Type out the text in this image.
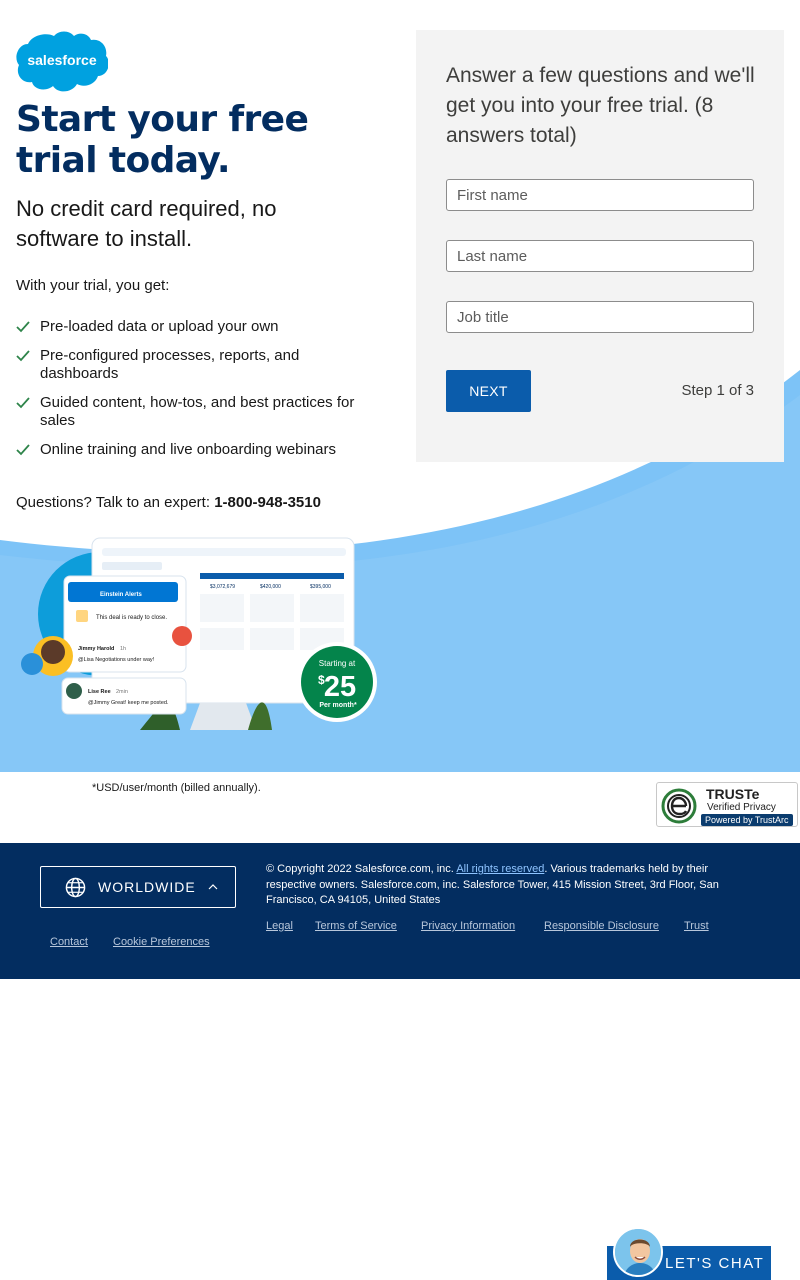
salesforce
Start your free trial today.

No credit card required, no software to install.

With your trial, you get:
Pre-loaded data or upload your own
Pre-configured processes, reports, and dashboards
Guided content, how-tos, and best practices for sales
Online training and live onboarding webinars
Questions? Talk to an expert: 1-800-948-3510
$3,072,679	$420,000	$395,000
Einstein Alerts
This deal is ready to close.
Jimmy Harold 1h
@Lisa Negotiations under way!
Lise Ree 2min
@Jimmy Great! keep me posted.
Starting at
$ 25
Per month*

Answer a few questions and we'll get you into your free trial. (8 answers total)

First name
Last name
Job title
NEXT	Step 1 of 3
*USD/user/month (billed annually).	TRUSTe
Verified Privacy
Powered by TrustArc
WORLDWIDE

© Copyright 2022 Salesforce.com, inc. All rights reserved. Various trademarks held by their respective owners. Salesforce.com, inc. Salesforce Tower, 415 Mission Street, 3rd Floor, San Francisco, CA 94105, United States

Legal Terms of Service Privacy Information	Responsible Disclosure Trust
Contact Cookie Preferences
LET'S CHAT
